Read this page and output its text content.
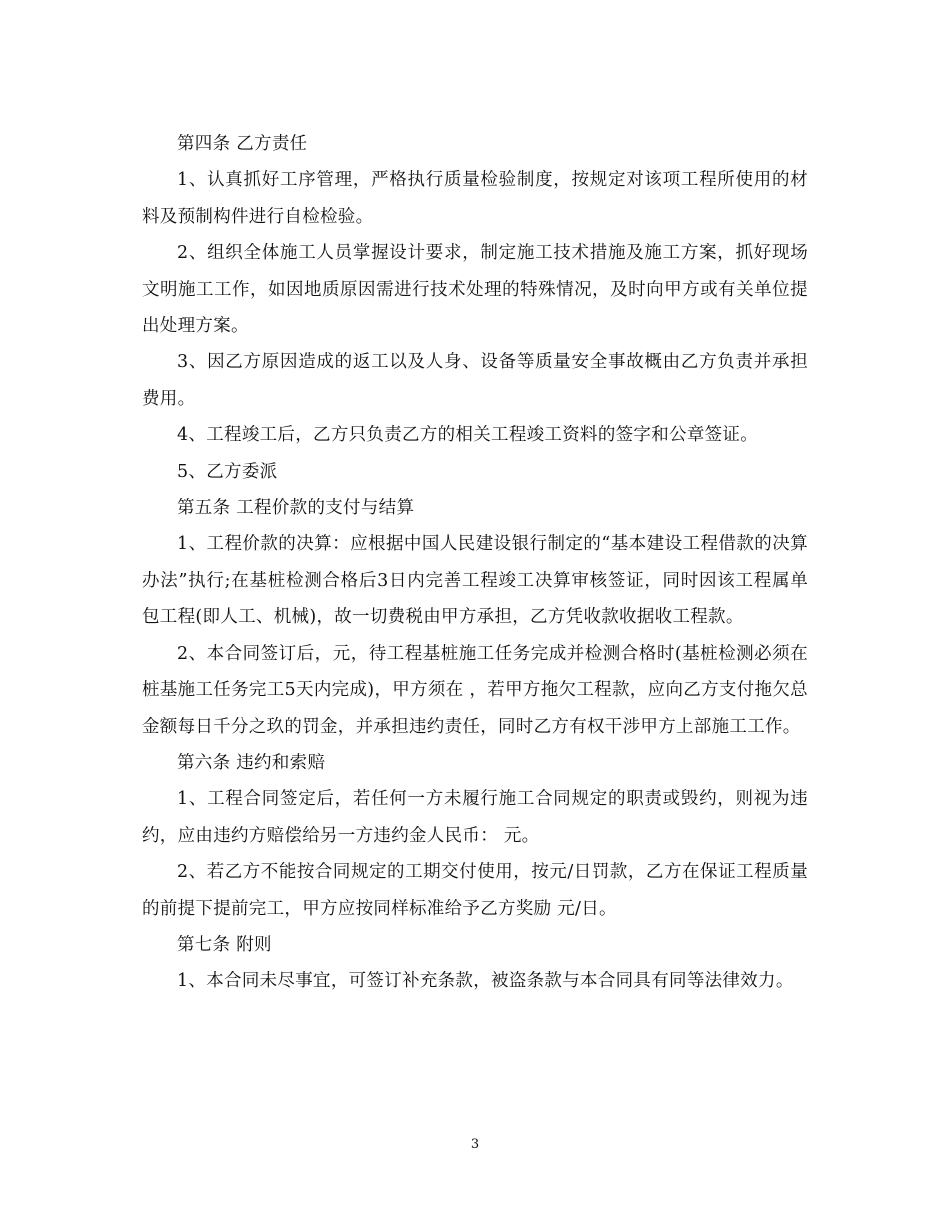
第四条 乙方责任

1、认真抓好工序管理，严格执行质量检验制度，按规定对该项工程所使用的材料及预制构件进行自检检验。

2、组织全体施工人员掌握设计要求，制定施工技术措施及施工方案，抓好现场文明施工工作，如因地质原因需进行技术处理的特殊情况，及时向甲方或有关单位提出处理方案。

3、因乙方原因造成的返工以及人身、设备等质量安全事故概由乙方负责并承担费用。

4、工程竣工后，乙方只负责乙方的相关工程竣工资料的签字和公章签证。

5、乙方委派

第五条 工程价款的支付与结算

1、工程价款的决算：应根据中国人民建设银行制定的“基本建设工程借款的决算办法”执行;在基桩检测合格后3日内完善工程竣工决算审核签证，同时因该工程属单包工程(即人工、机械)，故一切费税由甲方承担，乙方凭收款收据收工程款。

2、本合同签订后，元，待工程基桩施工任务完成并检测合格时(基桩检测必须在桩基施工任务完工5天内完成)，甲方须在 ，若甲方拖欠工程款，应向乙方支付拖欠总金额每日千分之玖的罚金，并承担违约责任，同时乙方有权干涉甲方上部施工工作。

第六条 违约和索赔

1、工程合同签定后，若任何一方未履行施工合同规定的职责或毁约，则视为违约，应由违约方赔偿给另一方违约金人民币： 元。

2、若乙方不能按合同规定的工期交付使用，按元/日罚款，乙方在保证工程质量的前提下提前完工，甲方应按同样标准给予乙方奖励 元/日。

第七条 附则

1、本合同未尽事宜，可签订补充条款，被盗条款与本合同具有同等法律效力。

3
